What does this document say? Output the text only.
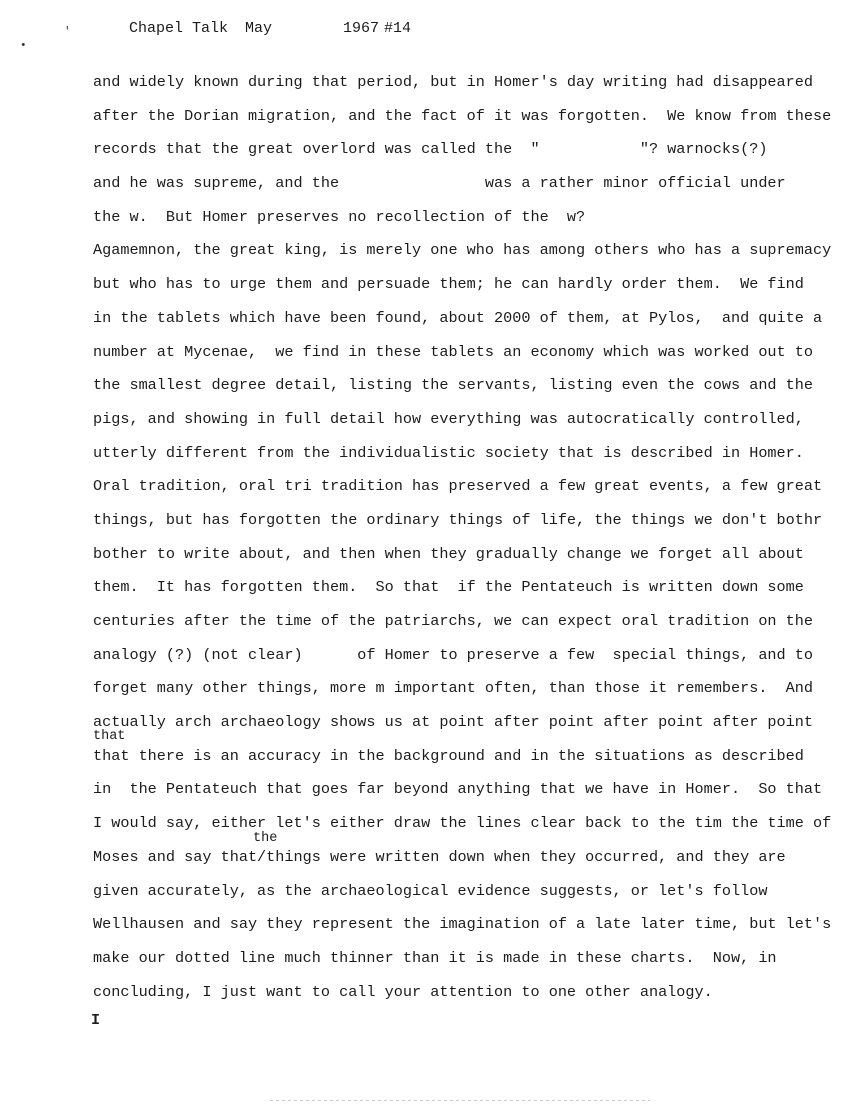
Chapel Talk May	1967 #14

'
•
and widely known during that period, but in Homer's day writing had disappeared
after the Dorian migration, and the fact of it was forgotten.  We know from these
records that the great overlord was called the  "           "? warnocks(?)
and he was supreme, and the                was a rather minor official under
the w.  But Homer preserves no recollection of the  w?
Agamemnon, the great king, is merely one who has among others who has a supremacy
but who has to urge them and persuade them; he can hardly order them.  We find
in the tablets which have been found, about 2000 of them, at Pylos,  and quite a
number at Mycenae,  we find in these tablets an economy which was worked out to
the smallest degree detail, listing the servants, listing even the cows and the
pigs, and showing in full detail how everything was autocratically controlled,
utterly different from the individualistic society that is described in Homer.
Oral tradition, oral tri tradition has preserved a few great events, a few great
things, but has forgotten the ordinary things of life, the things we don't bothr
bother to write about, and then when they gradually change we forget all about
them.  It has forgotten them.  So that  if the Pentateuch is written down some
centuries after the time of the patriarchs, we can expect oral tradition on the
analogy (?) (not clear)      of Homer to preserve a few  special things, and to
forget many other things, more m important often, than those it remembers.  And
actually arch archaeology shows us at point after point after point after point
that there is an accuracy in the background and in the situations as described
in  the Pentateuch that goes far beyond anything that we have in Homer.  So that
I would say, either let's either draw the lines clear back to the tim the time of
Moses and say that/things were written down when they occurred, and they are
given accurately, as the archaeological evidence suggests, or let's follow
Wellhausen and say they represent the imagination of a late later time, but let's
make our dotted line much thinner than it is made in these charts.  Now, in
concluding, I just want to call your attention to one other analogy.
that
the
I
